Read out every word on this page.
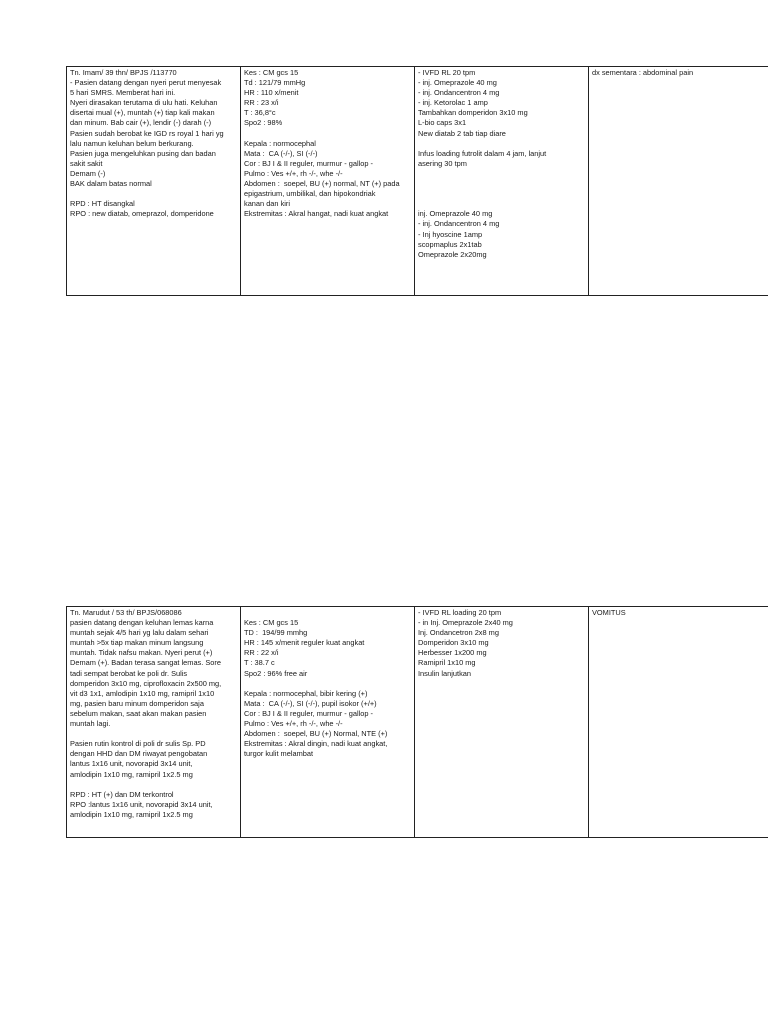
Tn. Imam/ 39 thn/ BPJS /113770
- Pasien datang dengan nyeri perut menyesak
5 hari SMRS. Memberat hari ini.
Nyeri dirasakan terutama di ulu hati. Keluhan
disertai mual (+), muntah (+) tiap kali makan
dan minum. Bab cair (+), lendir (-) darah (-)
Pasien sudah berobat ke IGD rs royal 1 hari yg
lalu namun keluhan belum berkurang.
Pasien juga mengeluhkan pusing dan badan
sakit sakit
Demam (-)
BAK dalam batas normal
RPD : HT disangkal
RPO : new diatab, omeprazol, domperidone

Kes : CM gcs 15
Td : 121/79 mmHg
HR : 110 x/menit
RR : 23 x/i
T : 36,8°c
Spo2 : 98%
Kepala : normocephal
Mata :  CA (-/-), SI (-/-)
Cor : BJ I & II reguler, murmur - gallop -
Pulmo : Ves +/+, rh -/-, whe -/-
Abdomen :  soepel, BU (+) normal, NT (+) pada
epigastrium, umbilikal, dan hipokondriak
kanan dan kiri
Ekstremitas : Akral hangat, nadi kuat angkat

- IVFD RL 20 tpm
- inj. Omeprazole 40 mg
- inj. Ondancentron 4 mg
- inj. Ketorolac 1 amp
Tambahkan domperidon 3x10 mg
L-bio caps 3x1
New diatab 2 tab tiap diare
Infus loading futrolit dalam 4 jam, lanjut
asering 30 tpm
inj. Omeprazole 40 mg
- inj. Ondancentron 4 mg
- Inj hyoscine 1amp
scopmaplus 2x1tab
Omeprazole 2x20mg

dx sementara : abdominal pain
Tn. Marudut / 53 th/ BPJS/068086
pasien datang dengan keluhan lemas karna
muntah sejak 4/5 hari yg lalu dalam sehari
muntah >5x tiap makan minum langsung
muntah. Tidak nafsu makan. Nyeri perut (+)
Demam (+). Badan terasa sangat lemas. Sore
tadi sempat berobat ke poli dr. Sulis
domperidon 3x10 mg, ciprofloxacin 2x500 mg,
vit d3 1x1, amlodipin 1x10 mg, ramipril 1x10
mg, pasien baru minum domperidon saja
sebelum makan, saat akan makan pasien
muntah lagi.
Pasien rutin kontrol di poli dr sulis Sp. PD
dengan HHD dan DM riwayat pengobatan
lantus 1x16 unit, novorapid 3x14 unit,
amlodipin 1x10 mg, ramipril 1x2.5 mg
RPD : HT (+) dan DM terkontrol
RPO :lantus 1x16 unit, novorapid 3x14 unit,
amlodipin 1x10 mg, ramipril 1x2.5 mg

Kes : CM gcs 15
TD :  194/99 mmhg
HR : 145 x/menit reguler kuat angkat
RR : 22 x/i
T : 38.7 c
Spo2 : 96% free air
Kepala : normocephal, bibir kering (+)
Mata :  CA (-/-), SI (-/-), pupil isokor (+/+)
Cor : BJ I & II reguler, murmur - gallop -
Pulmo : Ves +/+, rh -/-, whe -/-
Abdomen :  soepel, BU (+) Normal, NTE (+)
Ekstremitas : Akral dingin, nadi kuat angkat,
turgor kulit melambat

- IVFD RL loading 20 tpm
- in Inj. Omeprazole 2x40 mg
Inj. Ondancetron 2x8 mg
Domperidon 3x10 mg
Herbesser 1x200 mg
Ramipril 1x10 mg
Insulin lanjutkan

VOMITUS
